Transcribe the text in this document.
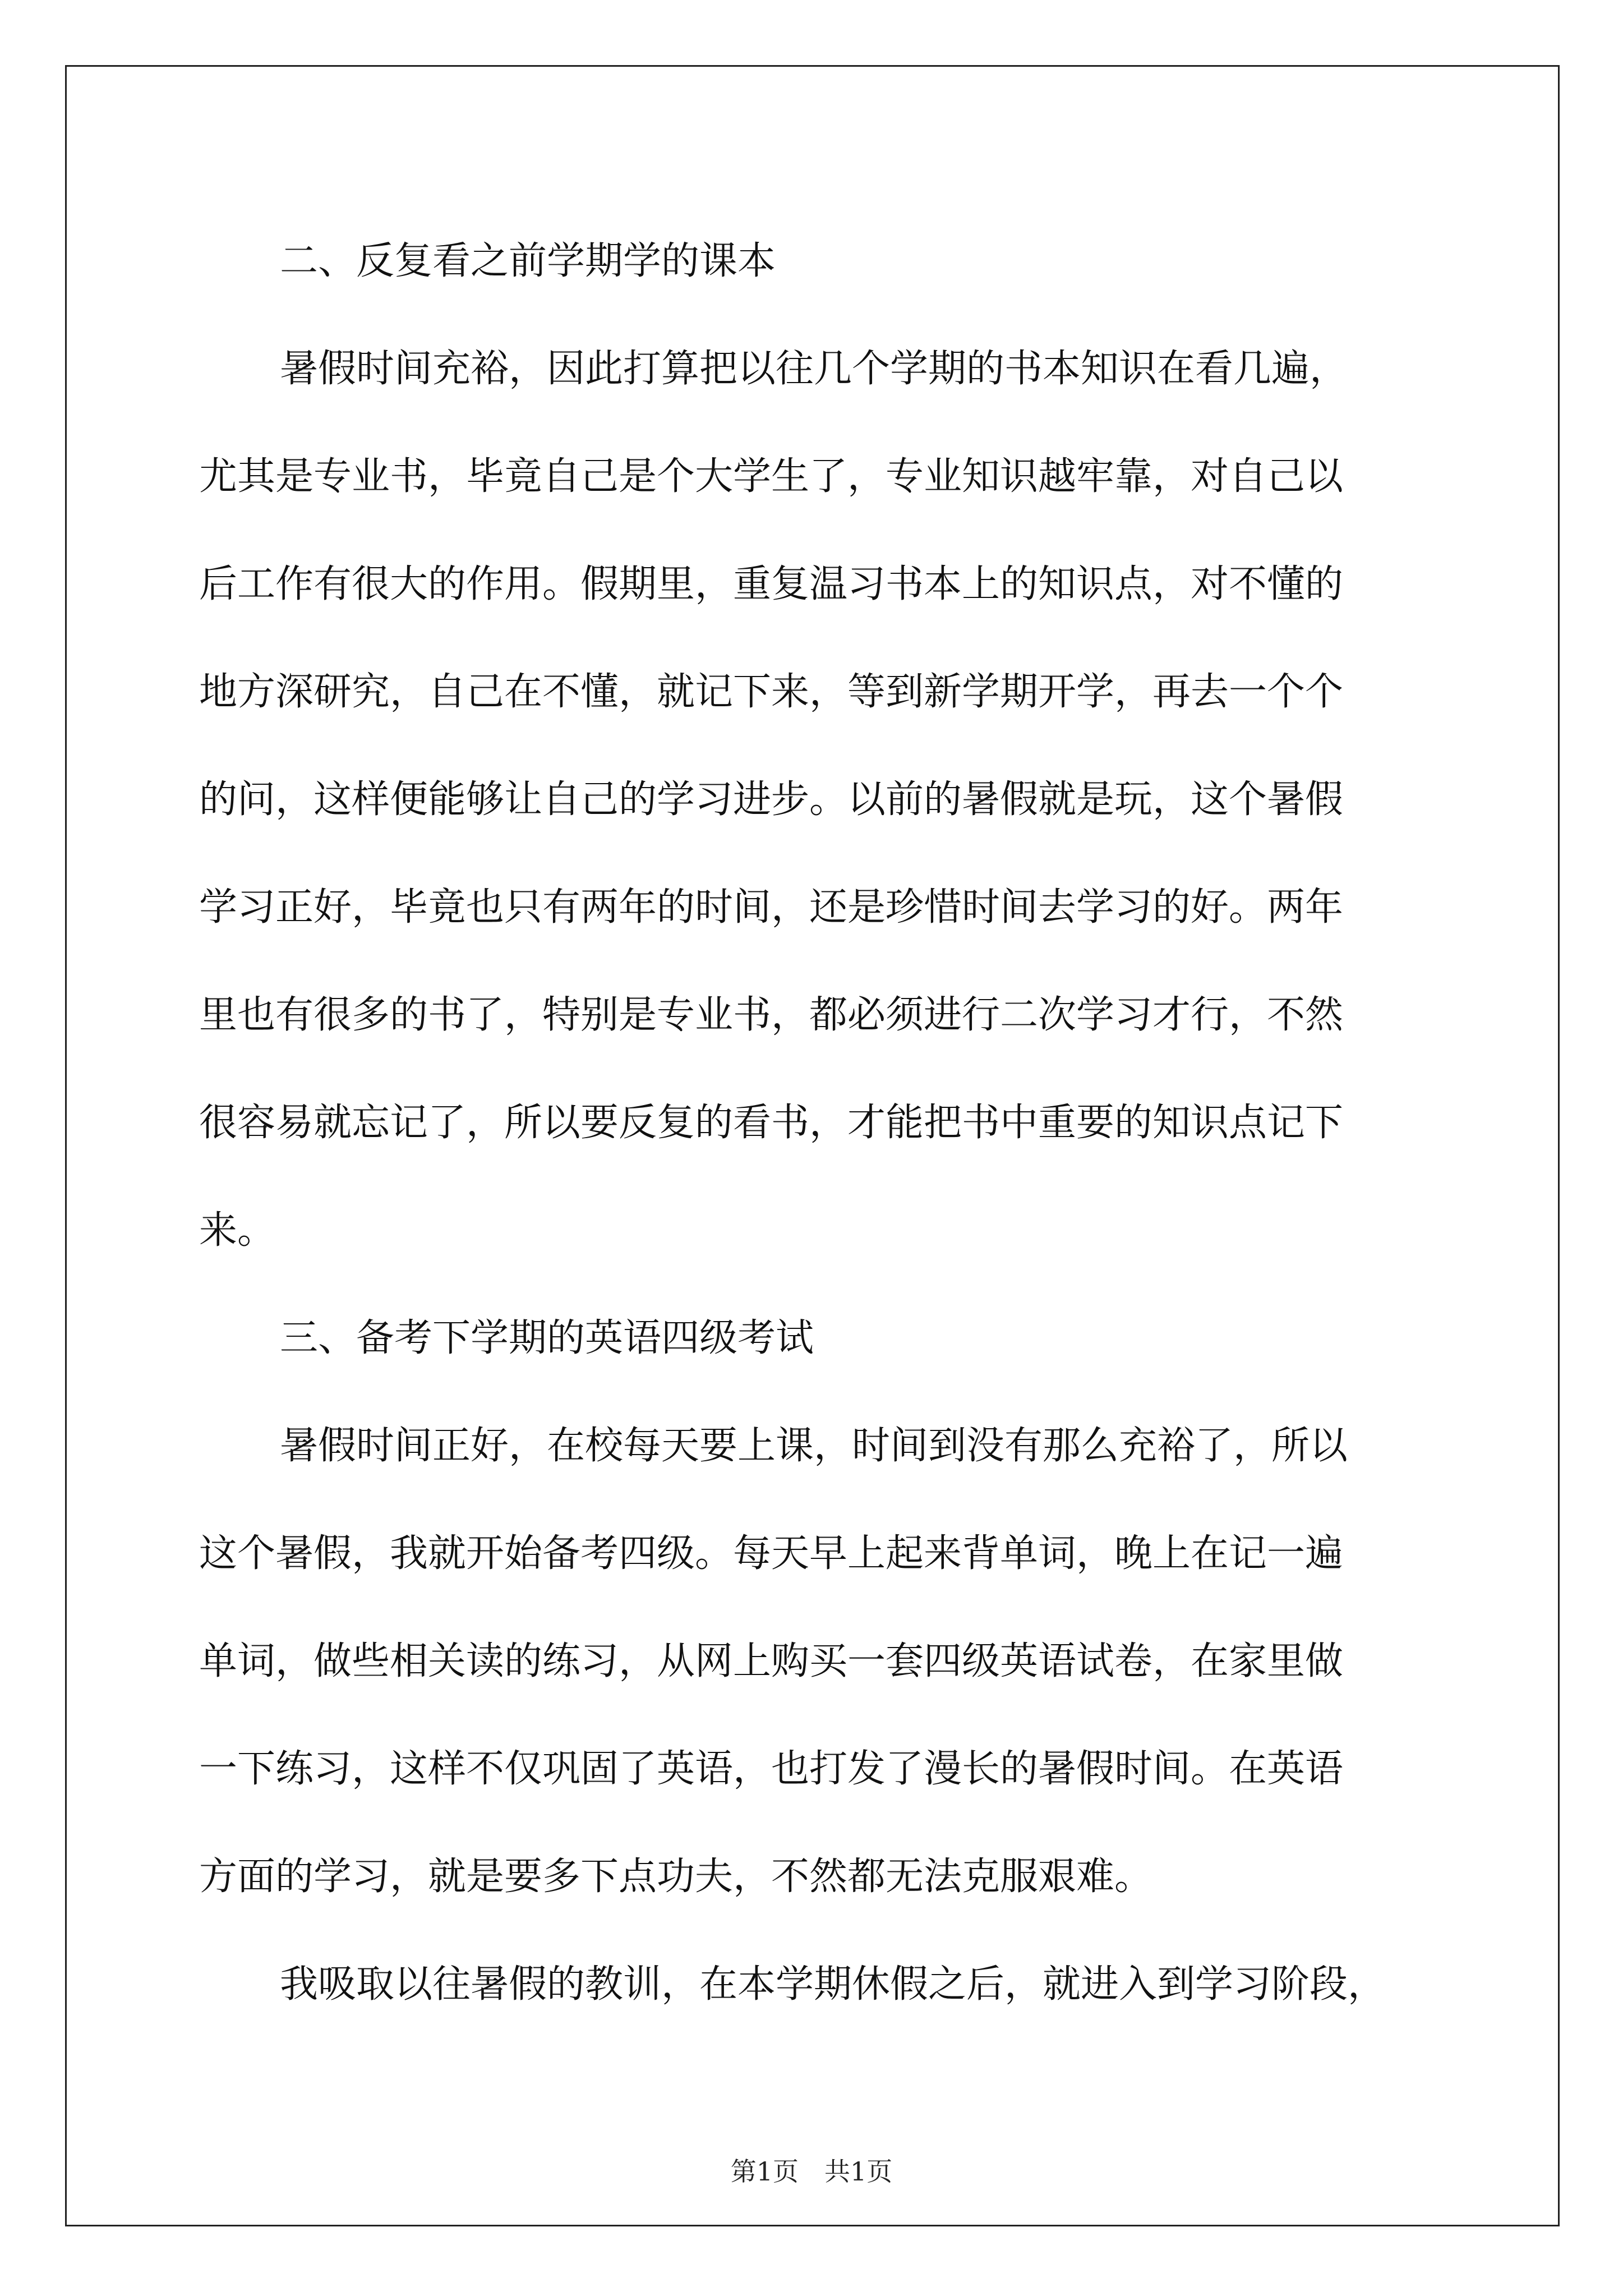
二、反复看之前学期学的课本

暑假时间充裕，因此打算把以往几个学期的书本知识在看几遍，
尤其是专业书，毕竟自己是个大学生了，专业知识越牢靠，对自己以
后工作有很大的作用。假期里，重复温习书本上的知识点，对不懂的
地方深研究，自己在不懂，就记下来，等到新学期开学，再去一个个
的问，这样便能够让自己的学习进步。以前的暑假就是玩，这个暑假
学习正好，毕竟也只有两年的时间，还是珍惜时间去学习的好。两年
里也有很多的书了，特别是专业书，都必须进行二次学习才行，不然
很容易就忘记了，所以要反复的看书，才能把书中重要的知识点记下
来。

三、备考下学期的英语四级考试

暑假时间正好，在校每天要上课，时间到没有那么充裕了，所以
这个暑假，我就开始备考四级。每天早上起来背单词，晚上在记一遍
单词，做些相关读的练习，从网上购买一套四级英语试卷，在家里做
一下练习，这样不仅巩固了英语，也打发了漫长的暑假时间。在英语
方面的学习，就是要多下点功夫，不然都无法克服艰难。

我吸取以往暑假的教训，在本学期休假之后，就进入到学习阶段，

第1页　共1页
